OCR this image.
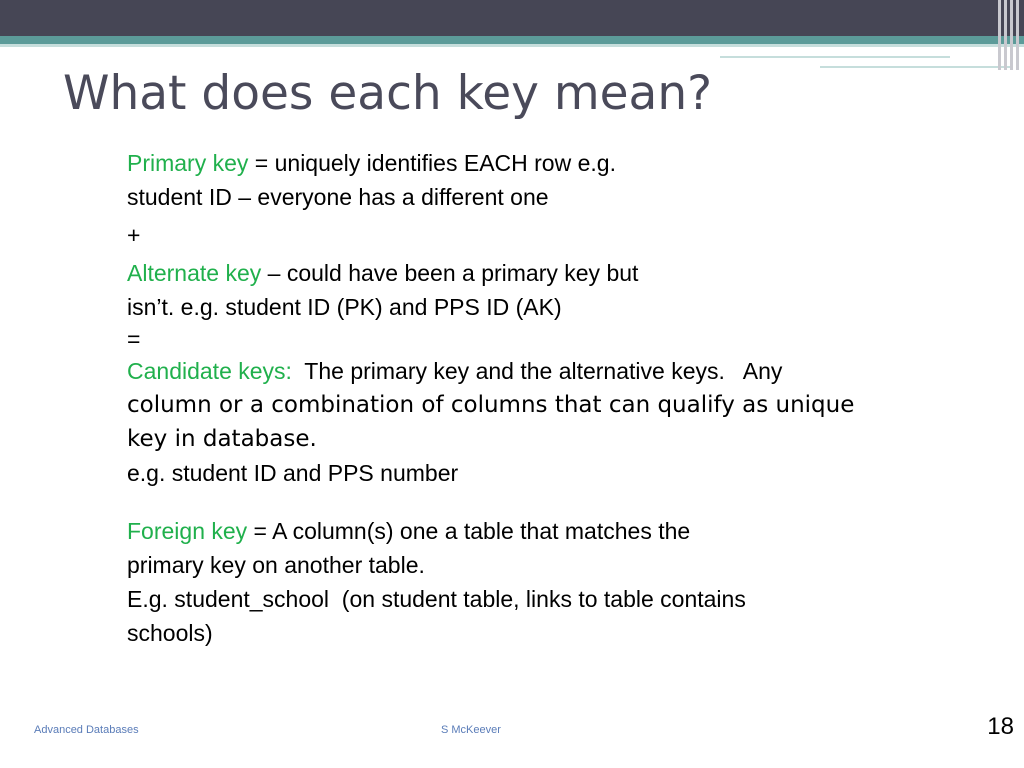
What does each key mean?

Primary key = uniquely identifies EACH row e.g.

student ID – everyone has a different one

+

Alternate key – could have been a primary key but

isn’t. e.g. student ID (PK) and PPS ID (AK)

=

Candidate keys:  The primary key and the alternative keys.   Any

column or a combination of columns that can qualify as unique

key in database.

e.g. student ID and PPS number

Foreign key = A column(s) one a table that matches the

primary key on another table.

E.g. student_school  (on student table, links to table contains

schools)

Advanced Databases	S McKeever	18
